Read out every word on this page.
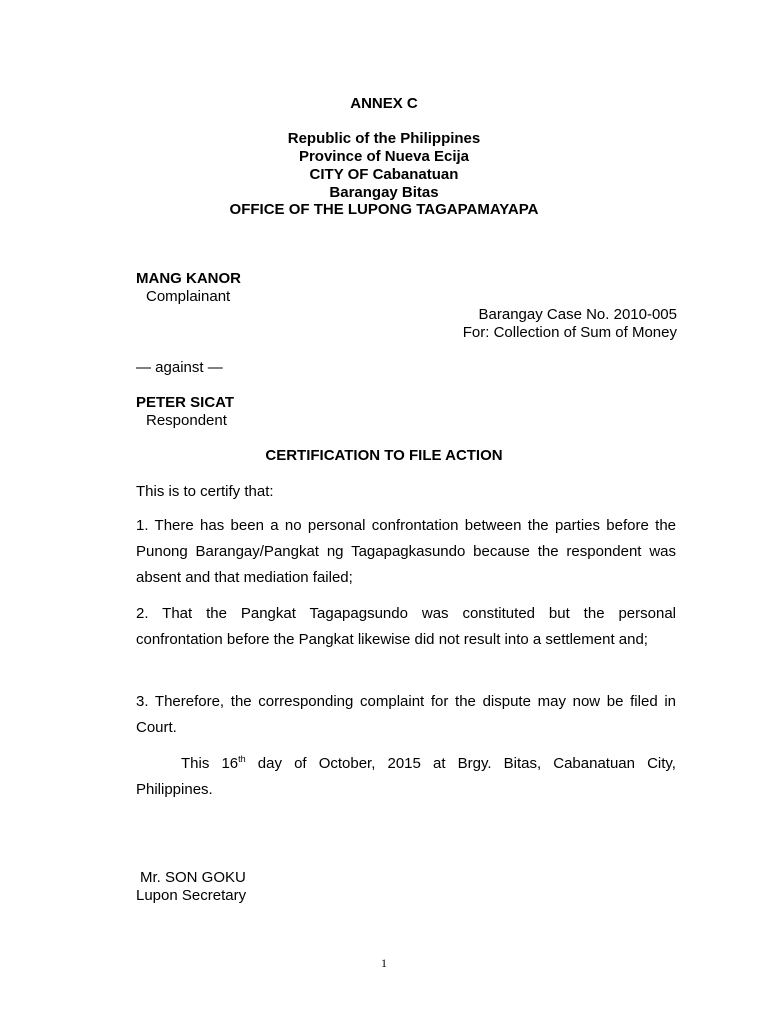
ANNEX C
Republic of the Philippines
Province of Nueva Ecija
CITY OF Cabanatuan
Barangay Bitas
OFFICE OF THE LUPONG TAGAPAMAYAPA
MANG KANOR
Complainant
Barangay Case No. 2010-005
For: Collection of Sum of Money
— against —
PETER SICAT
Respondent
CERTIFICATION TO FILE ACTION
This is to certify that:
1. There has been a no personal confrontation between the parties before the Punong Barangay/Pangkat ng Tagapagkasundo because the respondent was absent and that mediation failed;
2. That the Pangkat Tagapagsundo was constituted but the personal confrontation before the Pangkat likewise did not result into a settlement and;
3. Therefore, the corresponding complaint for the dispute may now be filed in Court.
This 16th day of October, 2015 at Brgy. Bitas, Cabanatuan City, Philippines.
Mr. SON GOKU
Lupon Secretary
1
